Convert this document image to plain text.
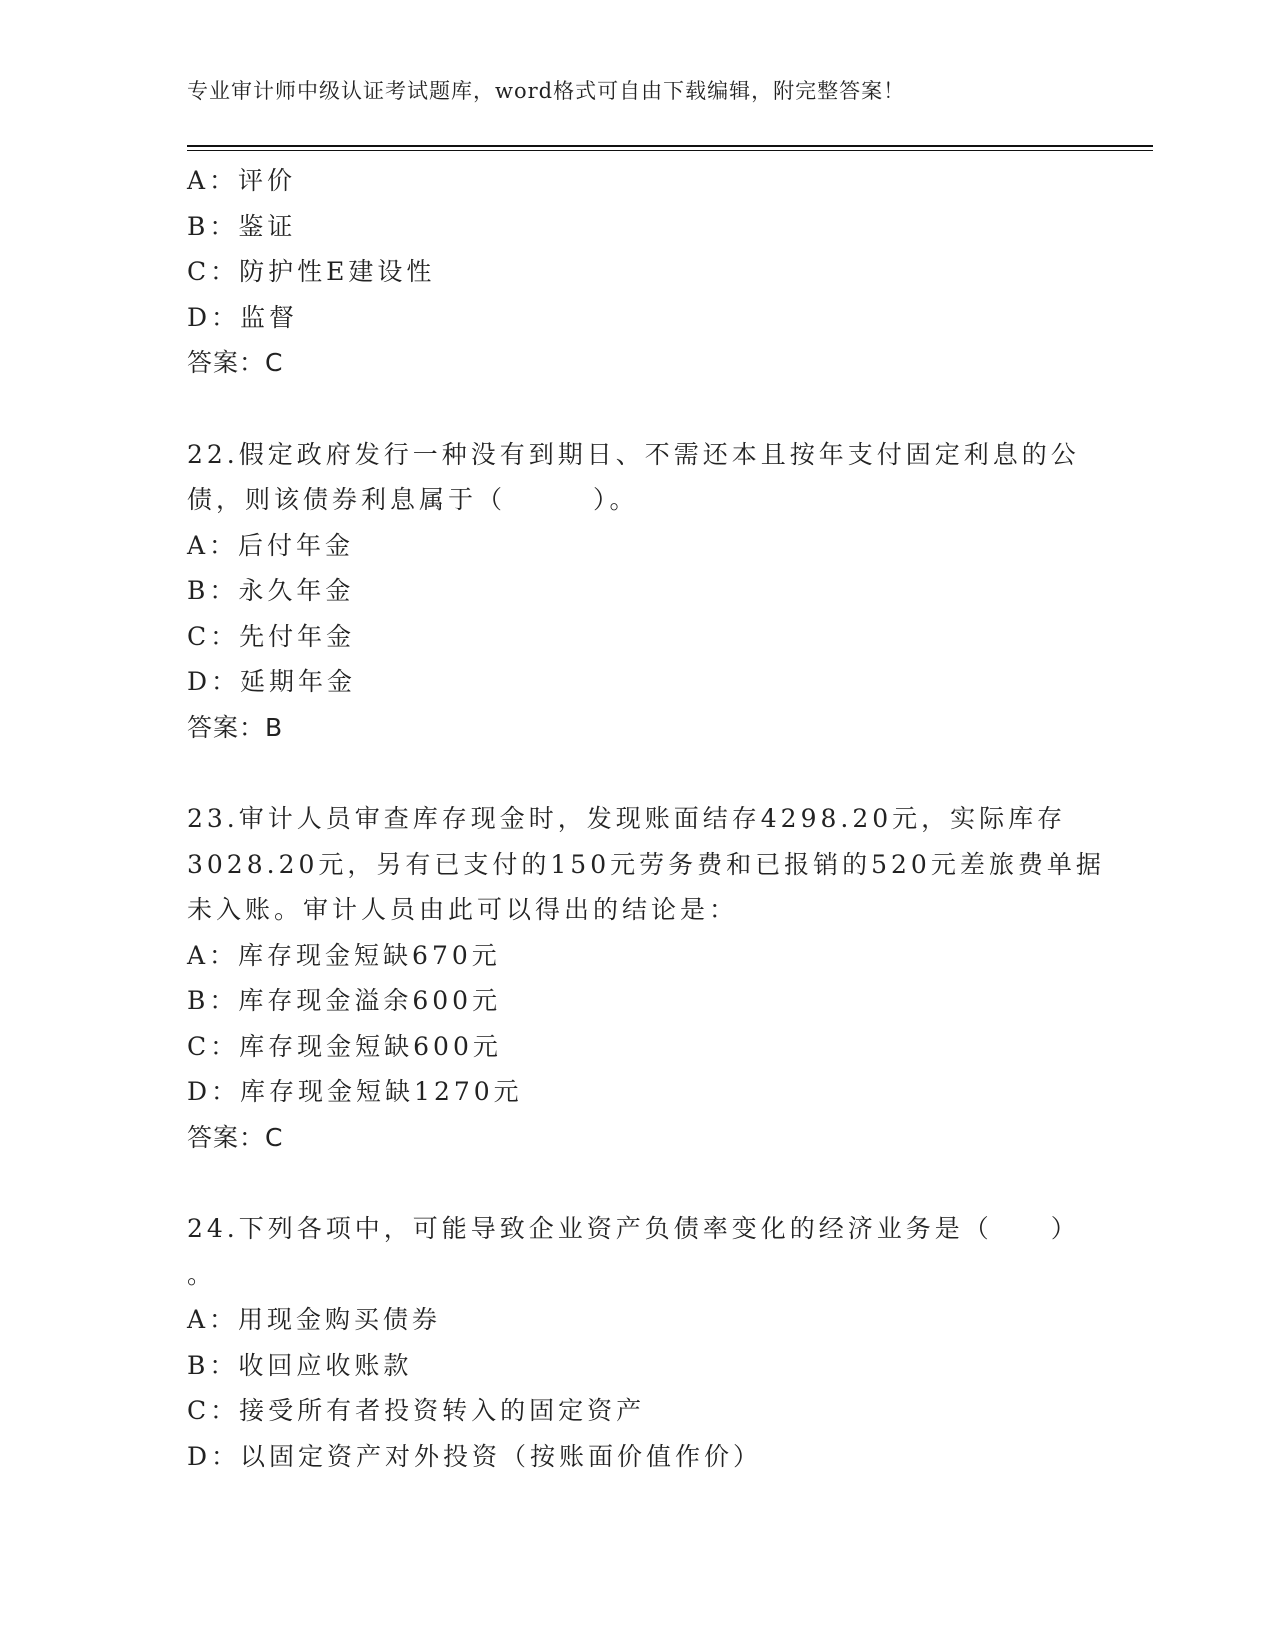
专业审计师中级认证考试题库，word格式可自由下载编辑，附完整答案！
A：评价
B：鉴证
C：防护性E建设性
D：监督
答案：C
22.假定政府发行一种没有到期日、不需还本且按年支付固定利息的公
债，则该债券利息属于（　　　）。
A：后付年金
B：永久年金
C：先付年金
D：延期年金
答案：B
23.审计人员审查库存现金时，发现账面结存4298.20元，实际库存
3028.20元，另有已支付的150元劳务费和已报销的520元差旅费单据
未入账。审计人员由此可以得出的结论是：
A：库存现金短缺670元
B：库存现金溢余600元
C：库存现金短缺600元
D：库存现金短缺1270元
答案：C
24.下列各项中，可能导致企业资产负债率变化的经济业务是（　　）
。
A：用现金购买债券
B：收回应收账款
C：接受所有者投资转入的固定资产
D：以固定资产对外投资（按账面价值作价）
